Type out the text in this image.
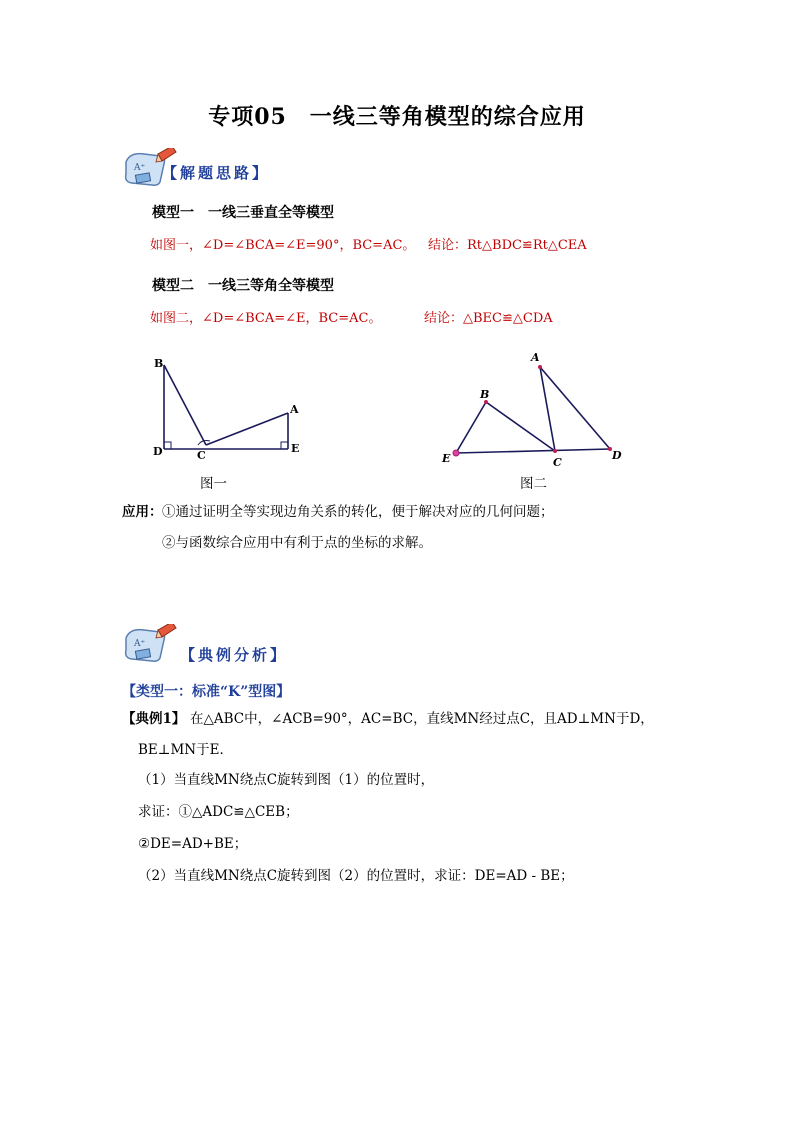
专项05　一线三等角模型的综合应用
A⁺ 【解题思路】
模型一　一线三垂直全等模型
如图一，∠D=∠BCA=∠E=90°，BC=AC。 结论：Rt△BDC≌Rt△CEA
模型二　一线三等角全等模型
如图二，∠D=∠BCA=∠E，BC=AC。	结论：△BEC≌△CDA
B
D	C
A
E
图一
A
B
E	C
D
图二
应用： ①通过证明全等实现边角关系的转化，便于解决对应的几何问题；
②与函数综合应用中有利于点的坐标的求解。
A⁺
【典例分析】
【类型一：标准“K”型图】
【典例1】 在△ABC中，∠ACB=90°，AC=BC，直线MN经过点C，且AD⊥MN于D，
BE⊥MN于E．
（1）当直线MN绕点C旋转到图（1）的位置时，
求证：①△ADC≌△CEB；
②DE=AD+BE；
（2）当直线MN绕点C旋转到图（2）的位置时，求证：DE=AD - BE；
